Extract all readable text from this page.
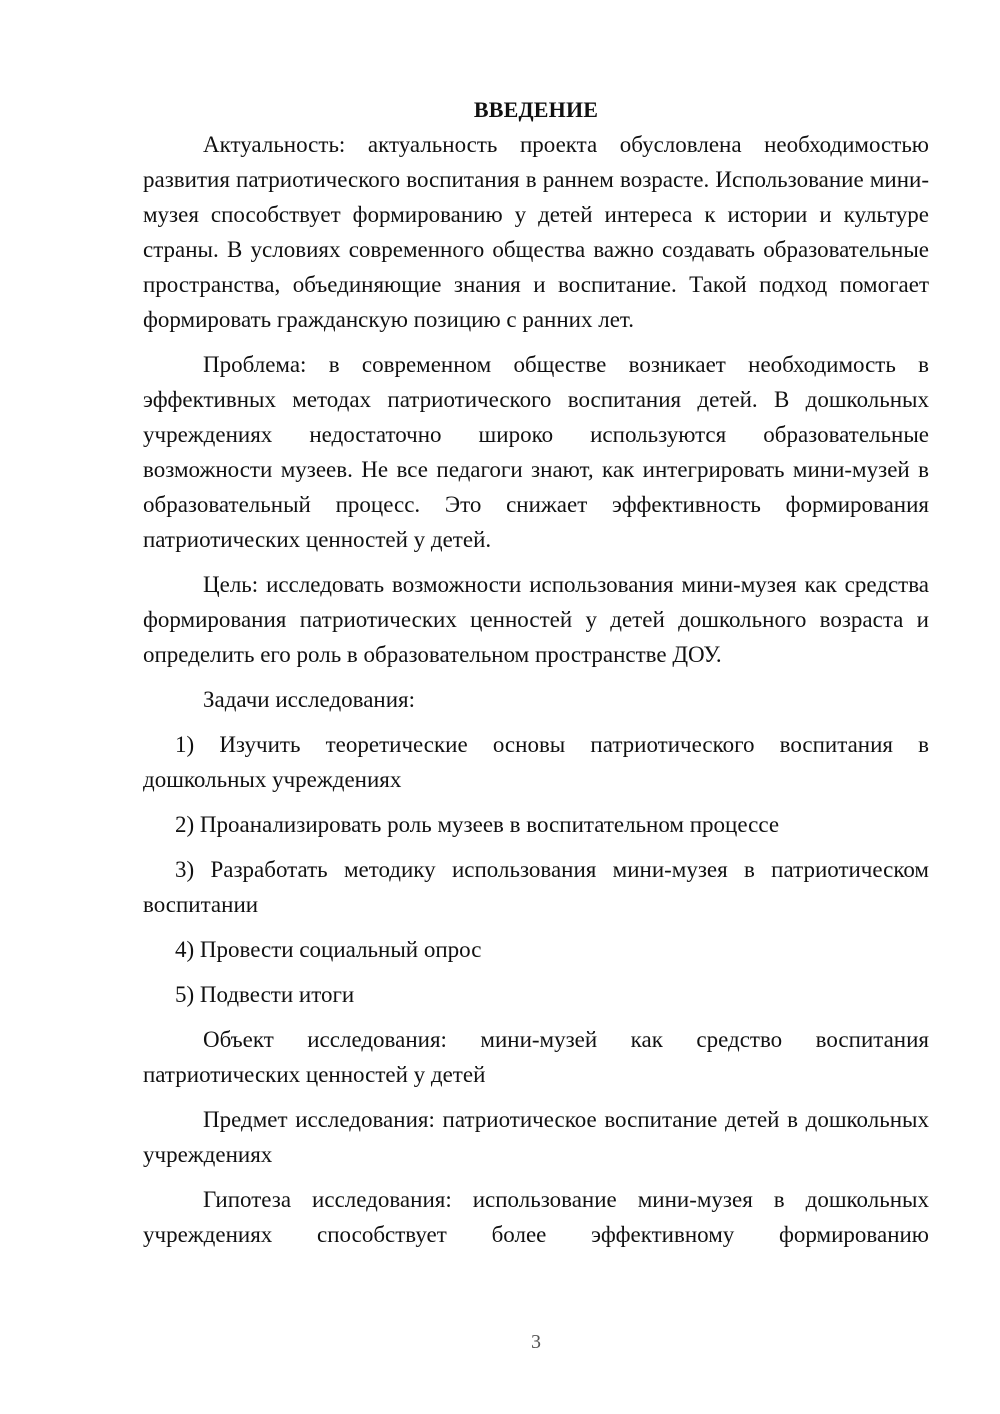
ВВЕДЕНИЕ

Актуальность: актуальность проекта обусловлена необходимостью развития патриотического воспитания в раннем возрасте. Использование мини-музея способствует формированию у детей интереса к истории и культуре страны. В условиях современного общества важно создавать образовательные пространства, объединяющие знания и воспитание. Такой подход помогает формировать гражданскую позицию с ранних лет.

Проблема: в современном обществе возникает необходимость в эффективных методах патриотического воспитания детей. В дошкольных учреждениях недостаточно широко используются образовательные возможности музеев. Не все педагоги знают, как интегрировать мини-музей в образовательный процесс. Это снижает эффективность формирования патриотических ценностей у детей.

Цель: исследовать возможности использования мини-музея как средства формирования патриотических ценностей у детей дошкольного возраста и определить его роль в образовательном пространстве ДОУ.

Задачи исследования:

1) Изучить теоретические основы патриотического воспитания в дошкольных учреждениях

2) Проанализировать роль музеев в воспитательном процессе

3) Разработать методику использования мини-музея в патриотическом воспитании

4) Провести социальный опрос

5) Подвести итоги

Объект исследования: мини-музей как средство воспитания патриотических ценностей у детей

Предмет исследования: патриотическое воспитание детей в дошкольных учреждениях

Гипотеза исследования: использование мини-музея в дошкольных учреждениях способствует более эффективному формированию

3
